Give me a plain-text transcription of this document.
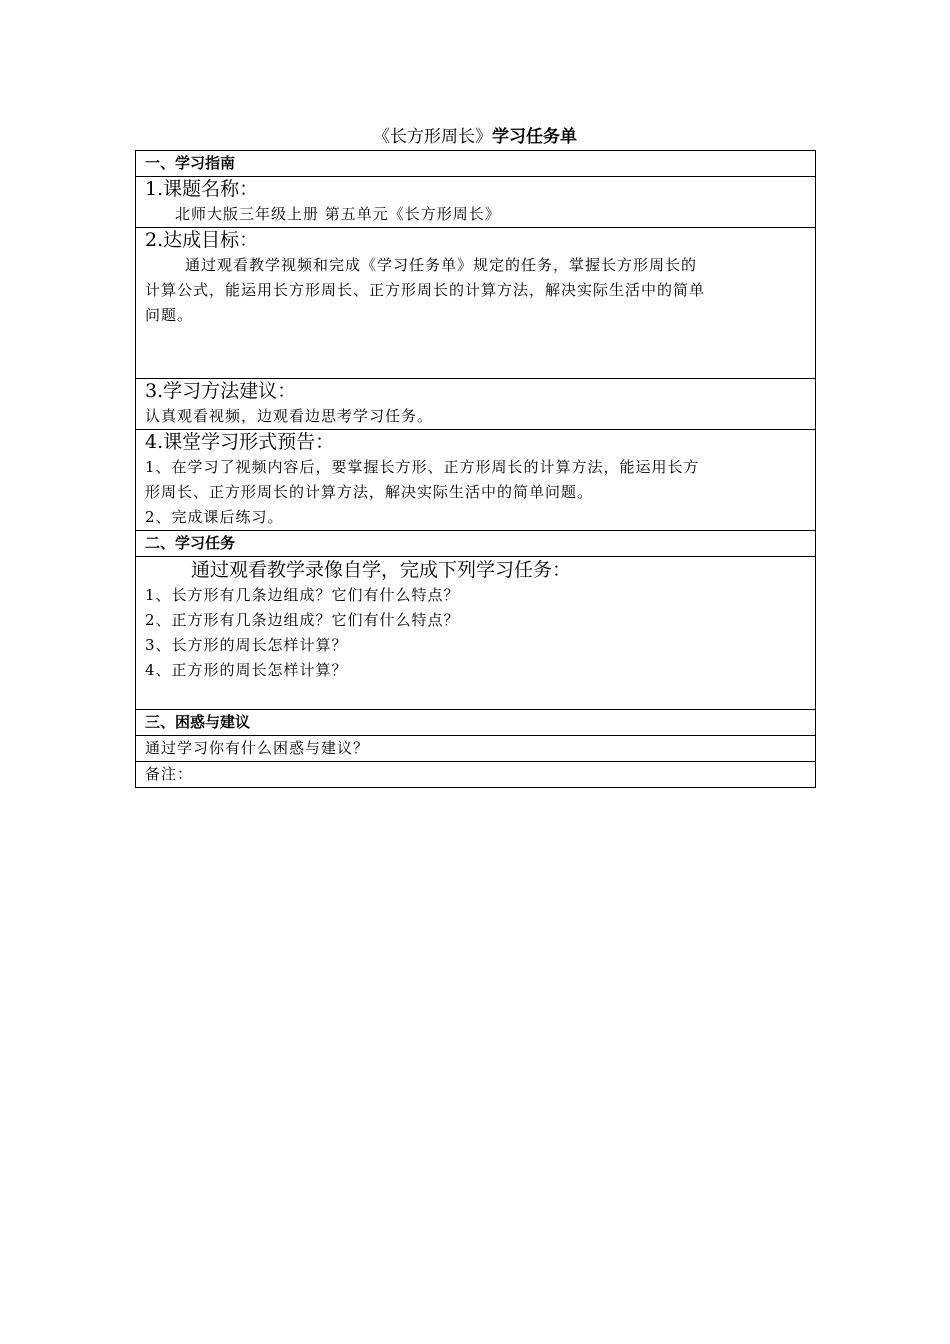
《长方形周长》学习任务单
一、学习指南

1.课题名称：
北师大版三年级上册 第五单元《长方形周长》

2.达成目标：
通过观看教学视频和完成《学习任务单》规定的任务，掌握长方形周长的
计算公式，能运用长方形周长、正方形周长的计算方法，解决实际生活中的简单
问题。

3.学习方法建议：
认真观看视频，边观看边思考学习任务。

4.课堂学习形式预告：
1、在学习了视频内容后，要掌握长方形、正方形周长的计算方法，能运用长方
形周长、正方形周长的计算方法，解决实际生活中的简单问题。
2、完成课后练习。

二、学习任务

通过观看教学录像自学，完成下列学习任务：
1、长方形有几条边组成？它们有什么特点？
2、正方形有几条边组成？它们有什么特点？
3、长方形的周长怎样计算？
4、正方形的周长怎样计算？

三、困惑与建议
通过学习你有什么困惑与建议？
备注：
